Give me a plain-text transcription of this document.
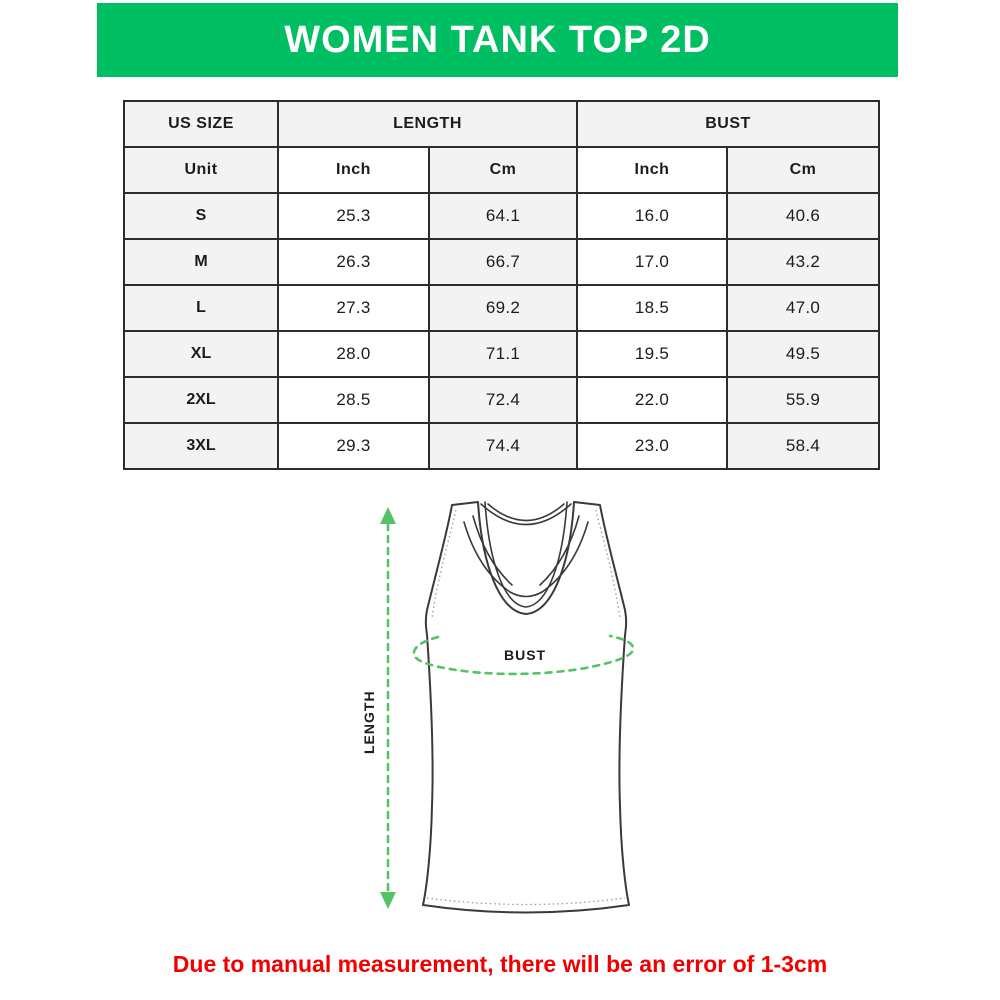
WOMEN TANK TOP 2D
US SIZE	LENGTH		BUST	
Unit	Inch	Cm	Inch	Cm
S	25.3	64.1	16.0	40.6
M	26.3	66.7	17.0	43.2
L	27.3	69.2	18.5	47.0
XL	28.0	71.1	19.5	49.5
2XL	28.5	72.4	22.0	55.9
3XL	29.3	74.4	23.0	58.4
LENGTH
BUST
Due to manual measurement, there will be an error of 1-3cm
